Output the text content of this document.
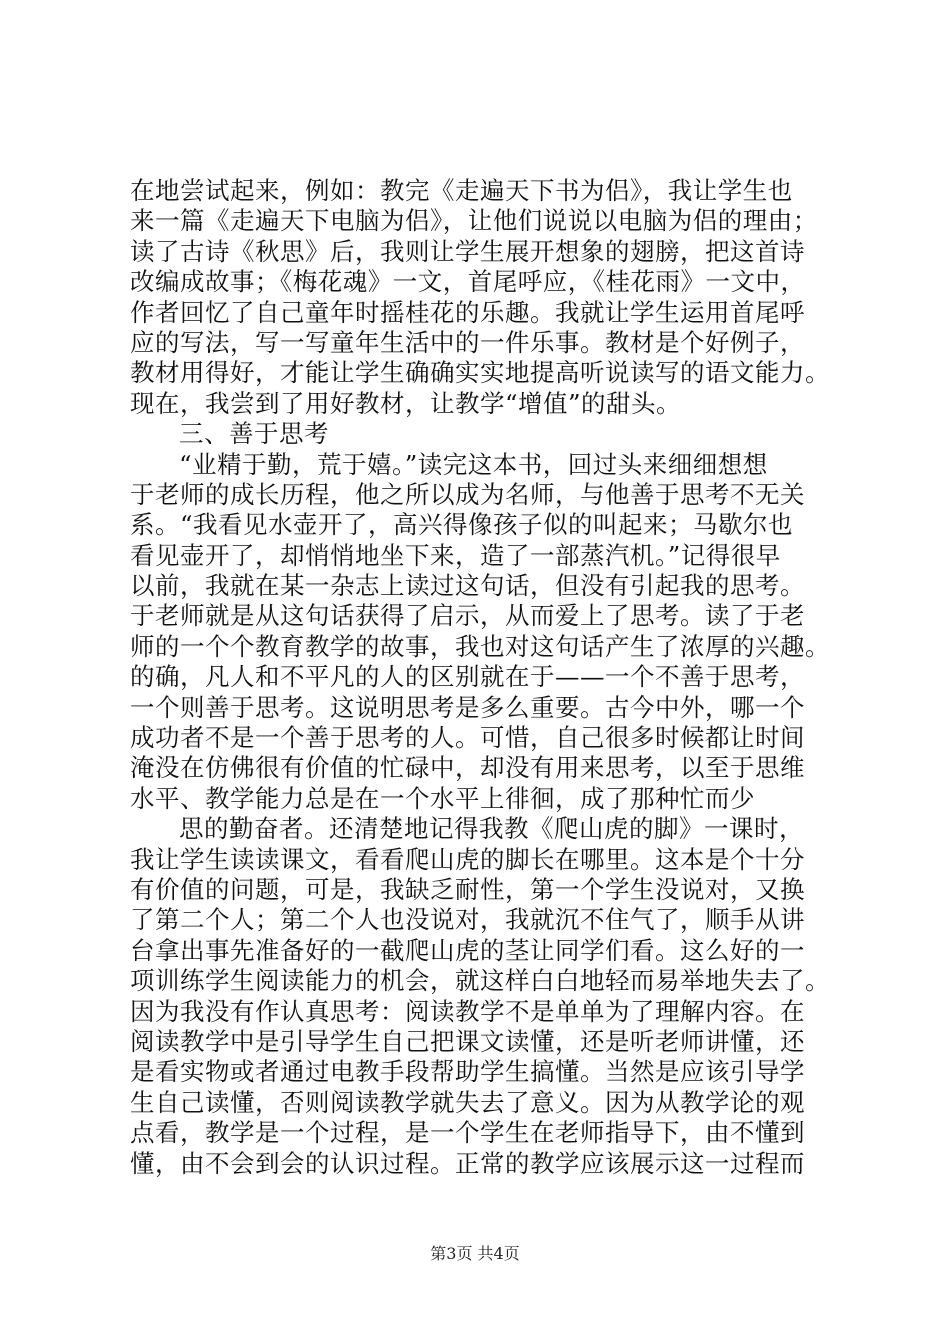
在地尝试起来，例如：教完《走遍天下书为侣》，我让学生也
来一篇《走遍天下电脑为侣》，让他们说说以电脑为侣的理由；
读了古诗《秋思》后，我则让学生展开想象的翅膀，把这首诗
改编成故事；《梅花魂》一文，首尾呼应，《桂花雨》一文中，
作者回忆了自己童年时摇桂花的乐趣。我就让学生运用首尾呼
应的写法，写一写童年生活中的一件乐事。教材是个好例子，
教材用得好，才能让学生确确实实地提高听说读写的语文能力。
现在，我尝到了用好教材，让教学“增值”的甜头。
三、善于思考
“业精于勤，荒于嬉。”读完这本书，回过头来细细想想
于老师的成长历程，他之所以成为名师，与他善于思考不无关
系。“我看见水壶开了，高兴得像孩子似的叫起来；马歇尔也
看见壶开了，却悄悄地坐下来，造了一部蒸汽机。”记得很早
以前，我就在某一杂志上读过这句话，但没有引起我的思考。
于老师就是从这句话获得了启示，从而爱上了思考。读了于老
师的一个个教育教学的故事，我也对这句话产生了浓厚的兴趣。
的确，凡人和不平凡的人的区别就在于——一个不善于思考，
一个则善于思考。这说明思考是多么重要。古今中外，哪一个
成功者不是一个善于思考的人。可惜，自己很多时候都让时间
淹没在仿佛很有价值的忙碌中，却没有用来思考，以至于思维
水平、教学能力总是在一个水平上徘徊，成了那种忙而少
思的勤奋者。还清楚地记得我教《爬山虎的脚》一课时，
我让学生读读课文，看看爬山虎的脚长在哪里。这本是个十分
有价值的问题，可是，我缺乏耐性，第一个学生没说对，又换
了第二个人；第二个人也没说对，我就沉不住气了，顺手从讲
台拿出事先准备好的一截爬山虎的茎让同学们看。这么好的一
项训练学生阅读能力的机会，就这样白白地轻而易举地失去了。
因为我没有作认真思考：阅读教学不是单单为了理解内容。在
阅读教学中是引导学生自己把课文读懂，还是听老师讲懂，还
是看实物或者通过电教手段帮助学生搞懂。当然是应该引导学
生自己读懂，否则阅读教学就失去了意义。因为从教学论的观
点看，教学是一个过程，是一个学生在老师指导下，由不懂到
懂，由不会到会的认识过程。正常的教学应该展示这一过程而
第3页 共4页
